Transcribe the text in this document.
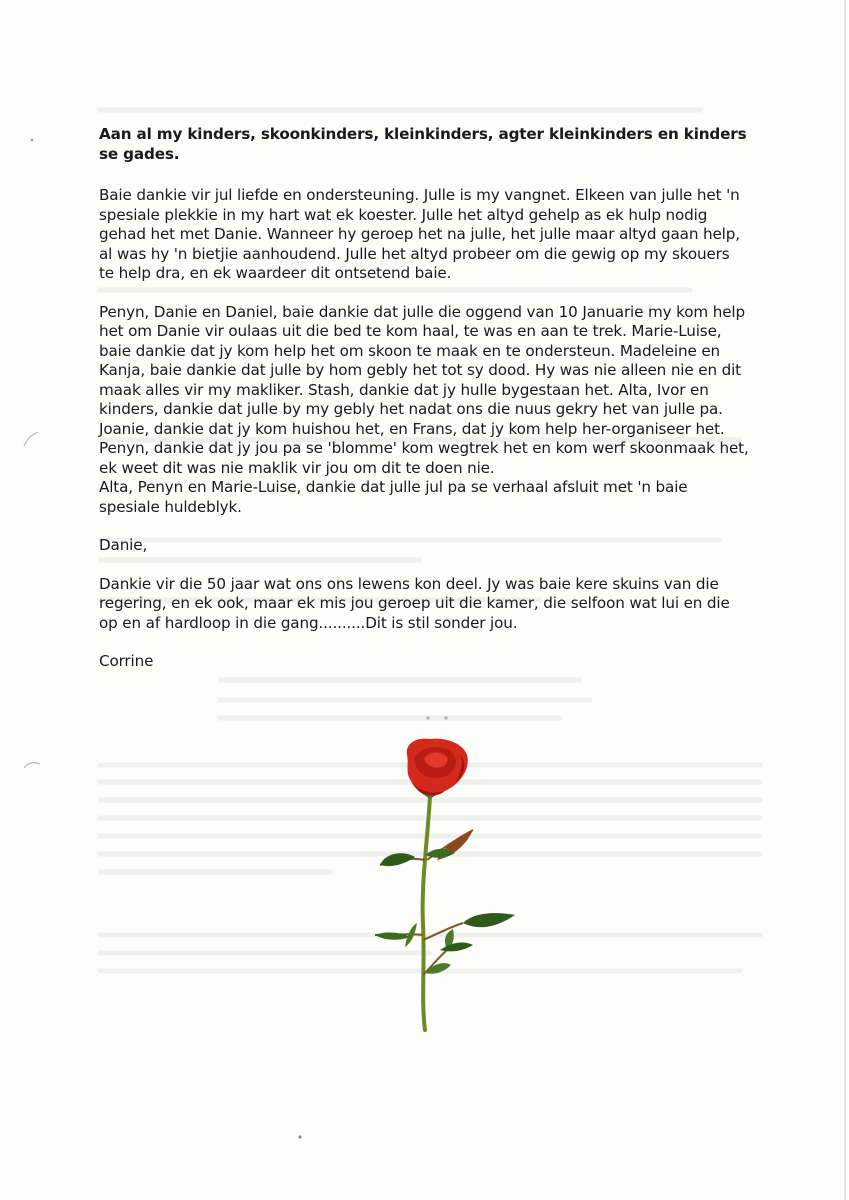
Aan al my kinders, skoonkinders, kleinkinders, agter kleinkinders en kinders se gades.

Baie dankie vir jul liefde en ondersteuning. Julle is my vangnet. Elkeen van julle het 'n spesiale plekkie in my hart wat ek koester. Julle het altyd gehelp as ek hulp nodig gehad het met Danie. Wanneer hy geroep het na julle, het julle maar altyd gaan help, al was hy 'n bietjie aanhoudend. Julle het altyd probeer om die gewig op my skouers te help dra, en ek waardeer dit ontsetend baie.

Penyn, Danie en Daniel, baie dankie dat julle die oggend van 10 Januarie my kom help het om Danie vir oulaas uit die bed te kom haal, te was en aan te trek. Marie-Luise, baie dankie dat jy kom help het om skoon te maak en te ondersteun. Madeleine en Kanja, baie dankie dat julle by hom gebly het tot sy dood. Hy was nie alleen nie en dit maak alles vir my makliker. Stash, dankie dat jy hulle bygestaan het. Alta, Ivor en kinders, dankie dat julle by my gebly het nadat ons die nuus gekry het van julle pa. Joanie, dankie dat jy kom huishou het, en Frans, dat jy kom help her-organiseer het.
Penyn, dankie dat jy jou pa se 'blomme' kom wegtrek het en kom werf skoonmaak het, ek weet dit was nie maklik vir jou om dit te doen nie.
Alta, Penyn en Marie-Luise, dankie dat julle jul pa se verhaal afsluit met 'n baie spesiale huldeblyk.

Danie,

Dankie vir die 50 jaar wat ons ons lewens kon deel. Jy was baie kere skuins van die regering, en ek ook, maar ek mis jou geroep uit die kamer, die selfoon wat lui en die op en af hardloop in die gang..........Dit is stil sonder jou.

Corrine
